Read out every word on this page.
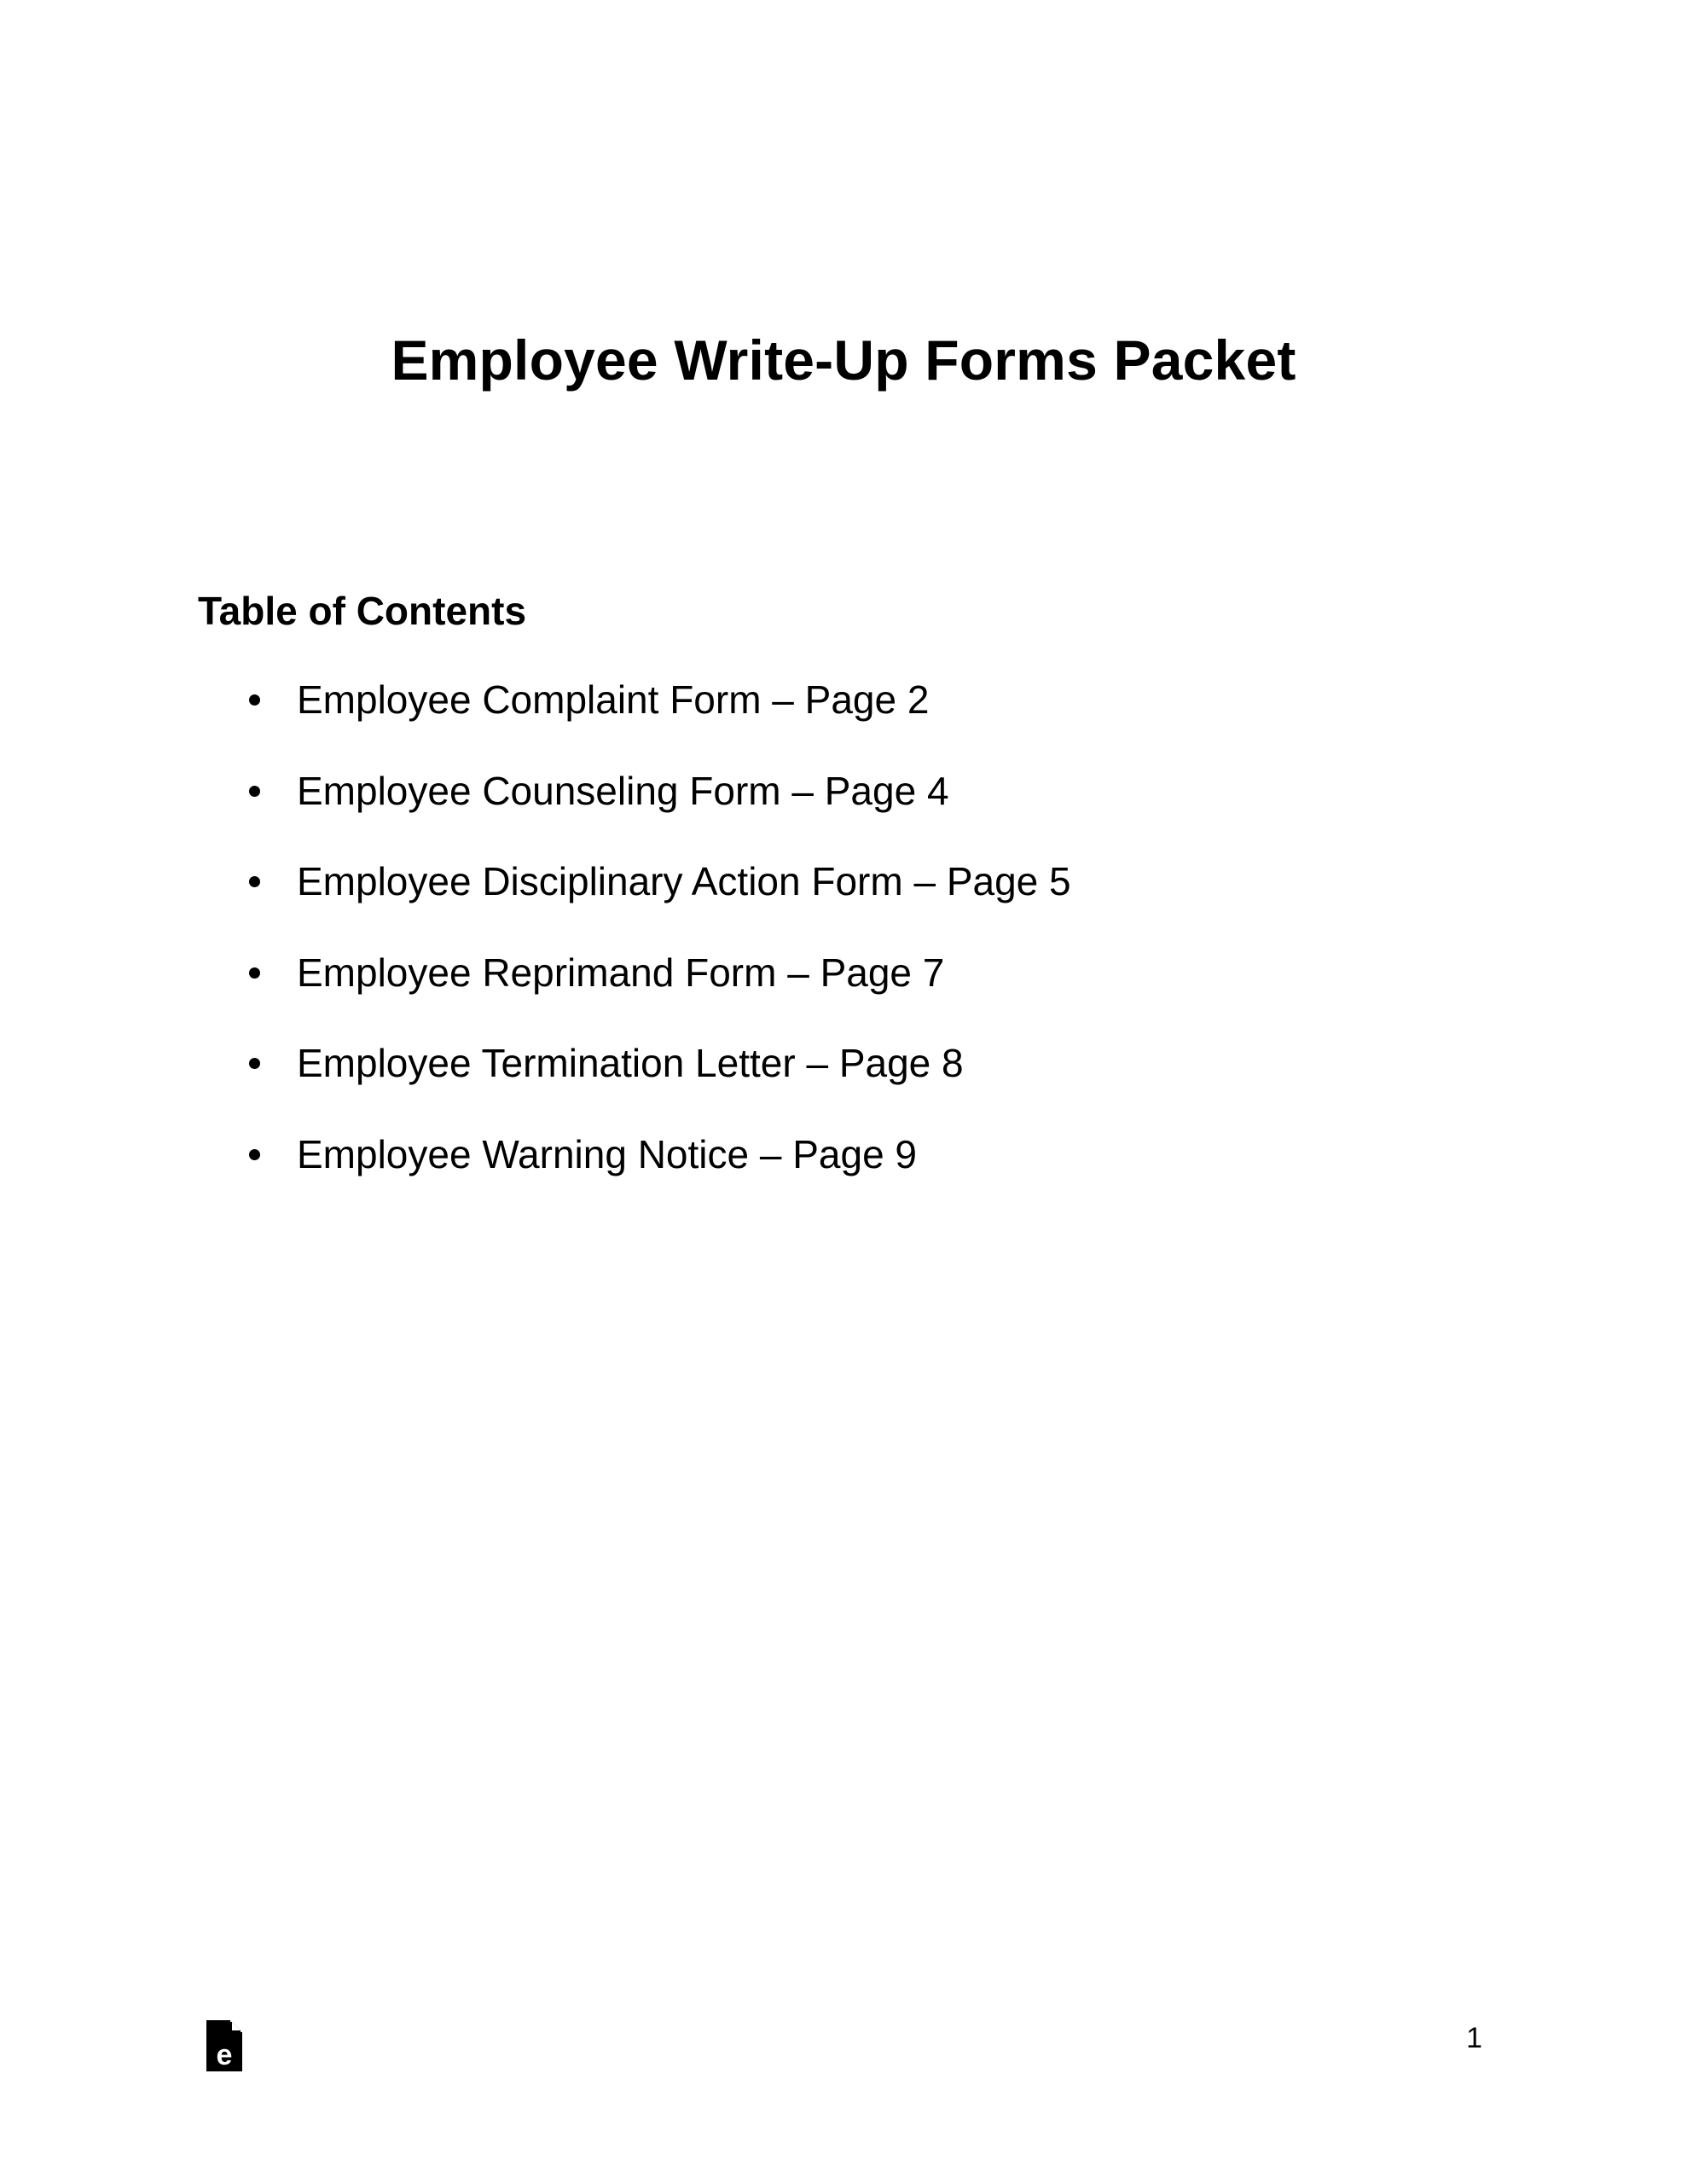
Employee Write-Up Forms Packet
Table of Contents
Employee Complaint Form – Page 2
Employee Counseling Form – Page 4
Employee Disciplinary Action Form – Page 5
Employee Reprimand Form – Page 7
Employee Termination Letter – Page 8
Employee Warning Notice – Page 9
e
1
